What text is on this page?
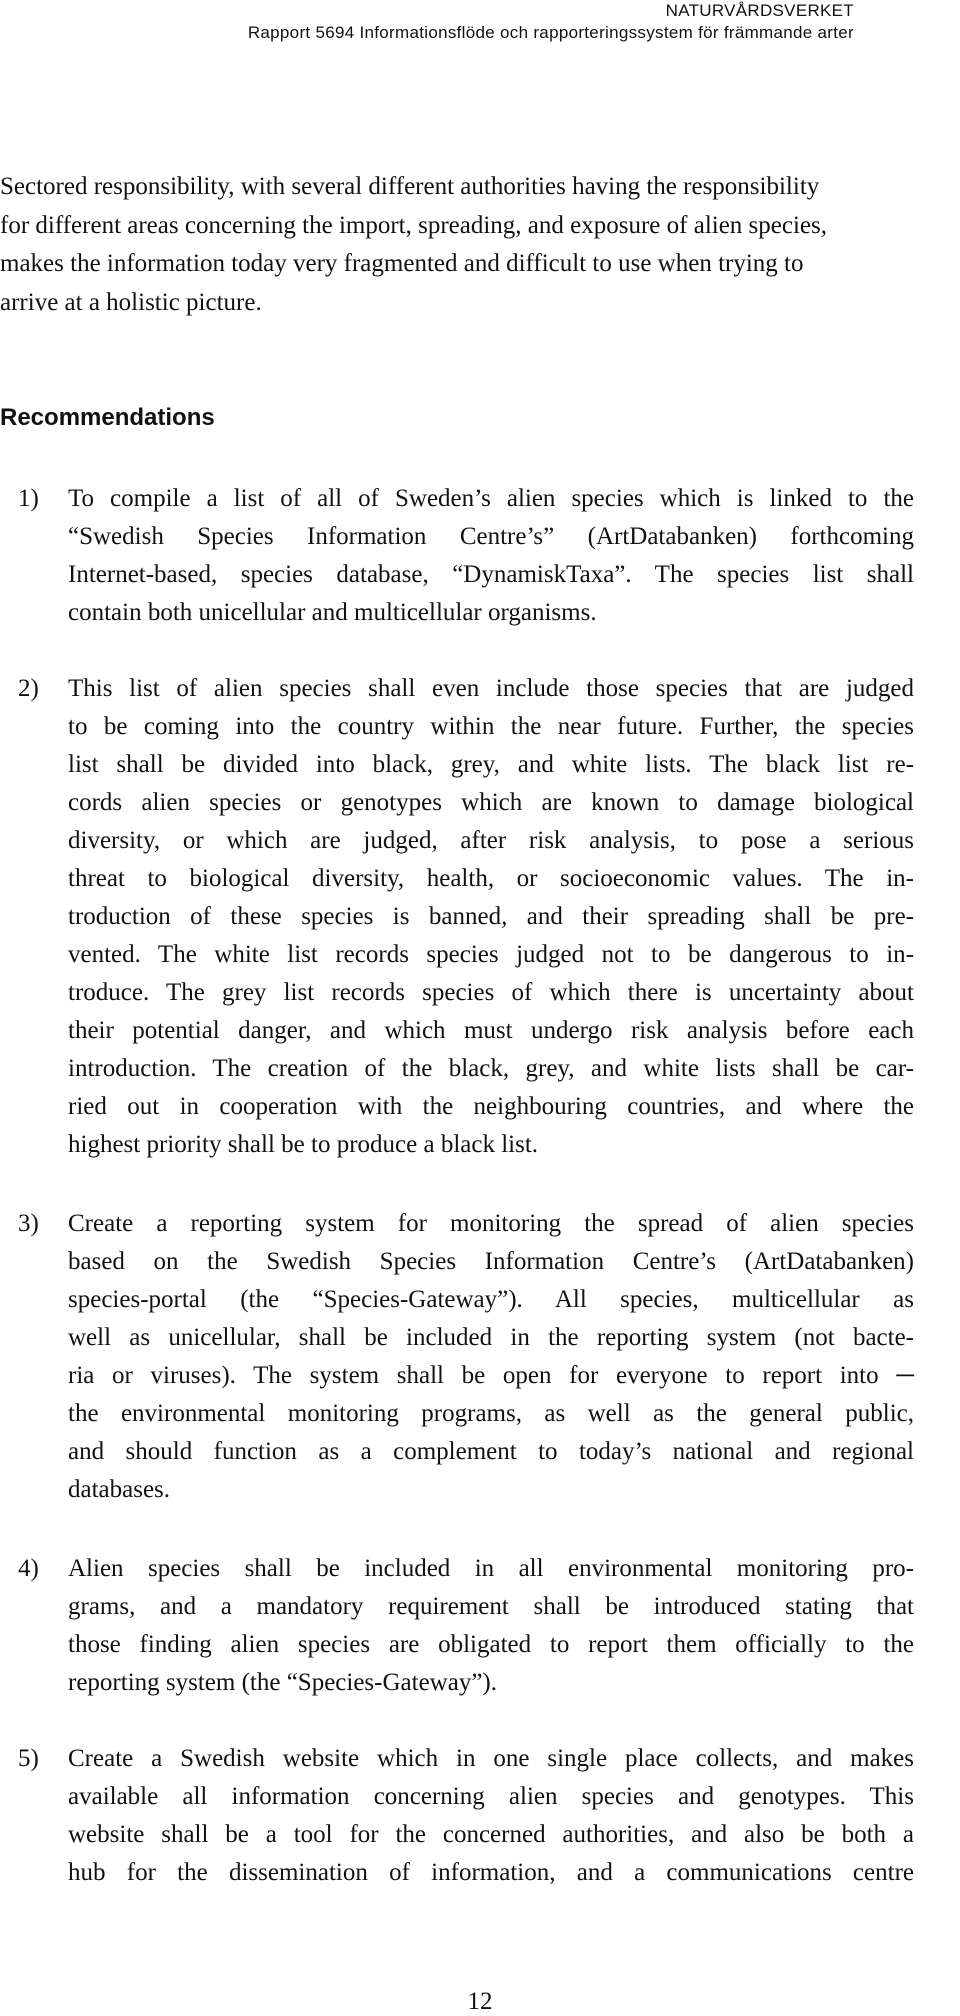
NATURVÅRDSVERKET
Rapport 5694 Informationsflöde och rapporteringssystem för främmande arter
Sectored responsibility, with several different authorities having the responsibility
for different areas concerning the import, spreading, and exposure of alien species,
makes the information today very fragmented and difficult to use when trying to
arrive at a holistic picture.
Recommendations
1) To compile a list of all of Sweden’s alien species which is linked to the
“Swedish Species Information Centre’s” (ArtDatabanken) forthcoming
Internet-based, species database, “DynamiskTaxa”. The species list shall
contain both unicellular and multicellular organisms.
2) This list of alien species shall even include those species that are judged
to be coming into the country within the near future. Further, the species
list shall be divided into black, grey, and white lists. The black list re-
cords alien species or genotypes which are known to damage biological
diversity, or which are judged, after risk analysis, to pose a serious
threat to biological diversity, health, or socioeconomic values. The in-
troduction of these species is banned, and their spreading shall be pre-
vented. The white list records species judged not to be dangerous to in-
troduce. The grey list records species of which there is uncertainty about
their potential danger, and which must undergo risk analysis before each
introduction. The creation of the black, grey, and white lists shall be car-
ried out in cooperation with the neighbouring countries, and where the
highest priority shall be to produce a black list.
3) Create a reporting system for monitoring the spread of alien species
based on the Swedish Species Information Centre’s (ArtDatabanken)
species-portal (the “Species-Gateway”). All species, multicellular as
well as unicellular, shall be included in the reporting system (not bacte-
ria or viruses). The system shall be open for everyone to report into ─
the environmental monitoring programs, as well as the general public,
and should function as a complement to today’s national and regional
databases.
4) Alien species shall be included in all environmental monitoring pro-
grams, and a mandatory requirement shall be introduced stating that
those finding alien species are obligated to report them officially to the
reporting system (the “Species-Gateway”).
5) Create a Swedish website which in one single place collects, and makes
available all information concerning alien species and genotypes. This
website shall be a tool for the concerned authorities, and also be both a
hub for the dissemination of information, and a communications centre
12
